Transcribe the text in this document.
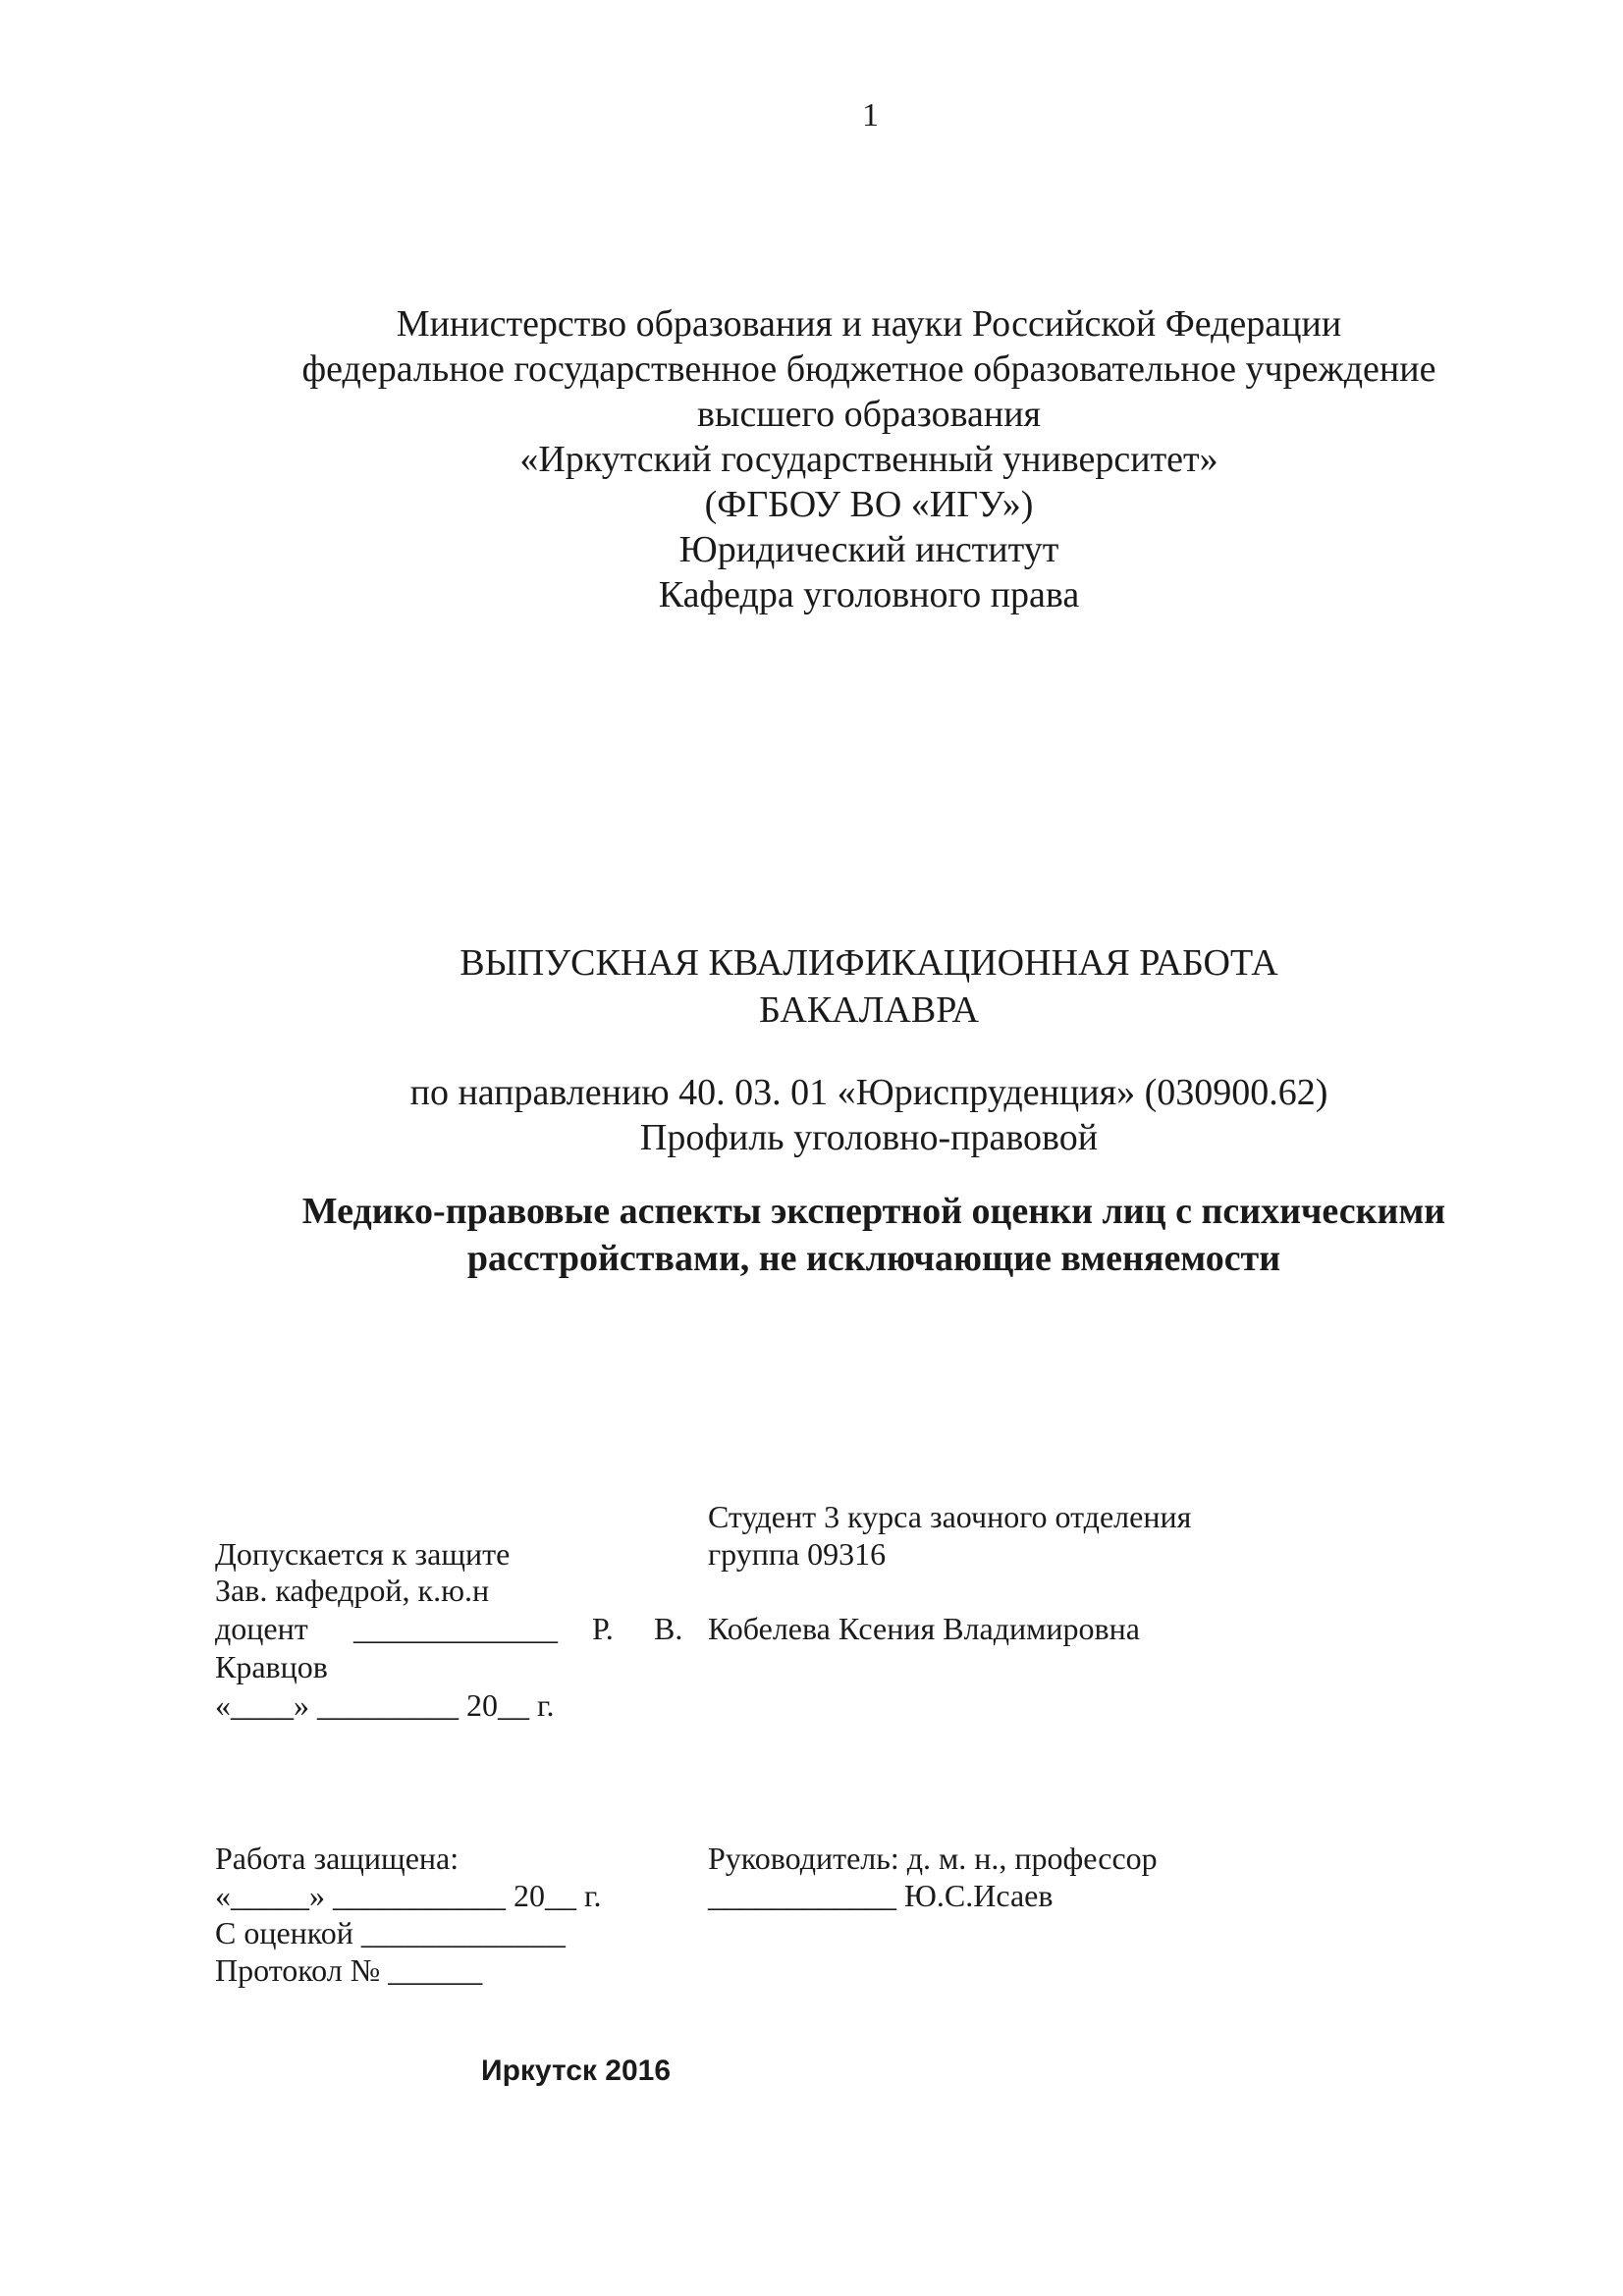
1
Министерство образования и науки Российской Федерации
федеральное государственное бюджетное образовательное учреждение
высшего образования
«Иркутский государственный университет»
(ФГБОУ ВО «ИГУ»)
Юридический институт
Кафедра уголовного права
ВЫПУСКНАЯ КВАЛИФИКАЦИОННАЯ РАБОТА
БАКАЛАВРА
по направлению 40. 03. 01 «Юриспруденция» (030900.62)
Профиль уголовно-правовой
Медико-правовые аспекты экспертной оценки лиц с психическими
расстройствами, не исключающие вменяемости
Допускается к защите
Зав. кафедрой, к.ю.н
доцент _____________ Р. В.
Кравцов
«____» _________ 20__ г.
Студент 3 курса заочного отделения
группа 09316
Кобелева Ксения Владимировна
Работа защищена:
«_____» ___________ 20__ г.
С оценкой _____________
Протокол № ______
Руководитель: д. м. н., профессор
____________ Ю.С.Исаев
Иркутск 2016
